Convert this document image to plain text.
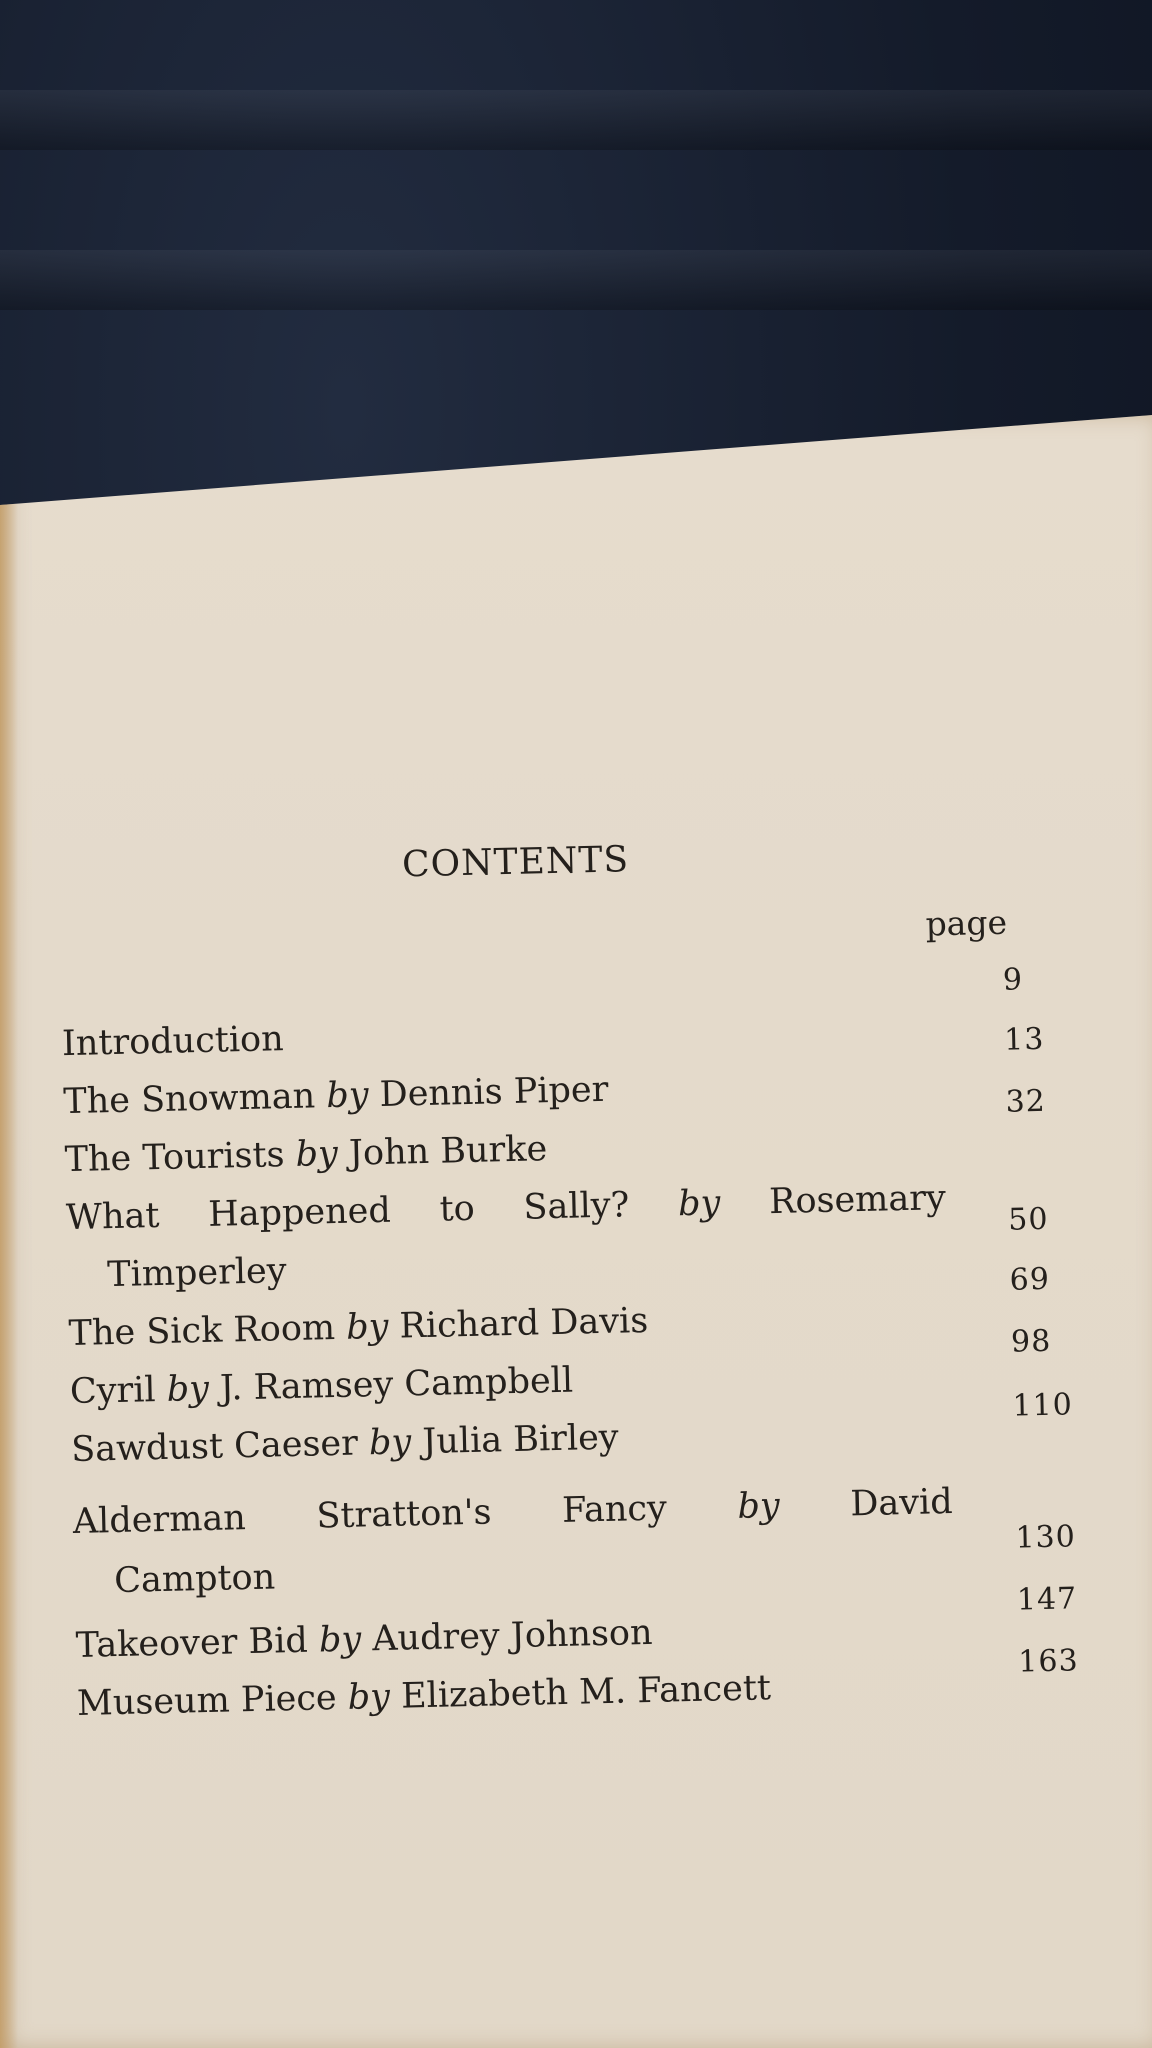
CONTENTS
page
Introduction
9
The Snowman by Dennis Piper
13
The Tourists by John Burke
32
What Happened to Sally? by Rosemary
Timperley
50
The Sick Room by Richard Davis
69
Cyril by J. Ramsey Campbell
98
Sawdust Caeser by Julia Birley
110
Alderman Stratton's Fancy by David
Campton
130
Takeover Bid by Audrey Johnson
147
Museum Piece by Elizabeth M. Fancett
163
